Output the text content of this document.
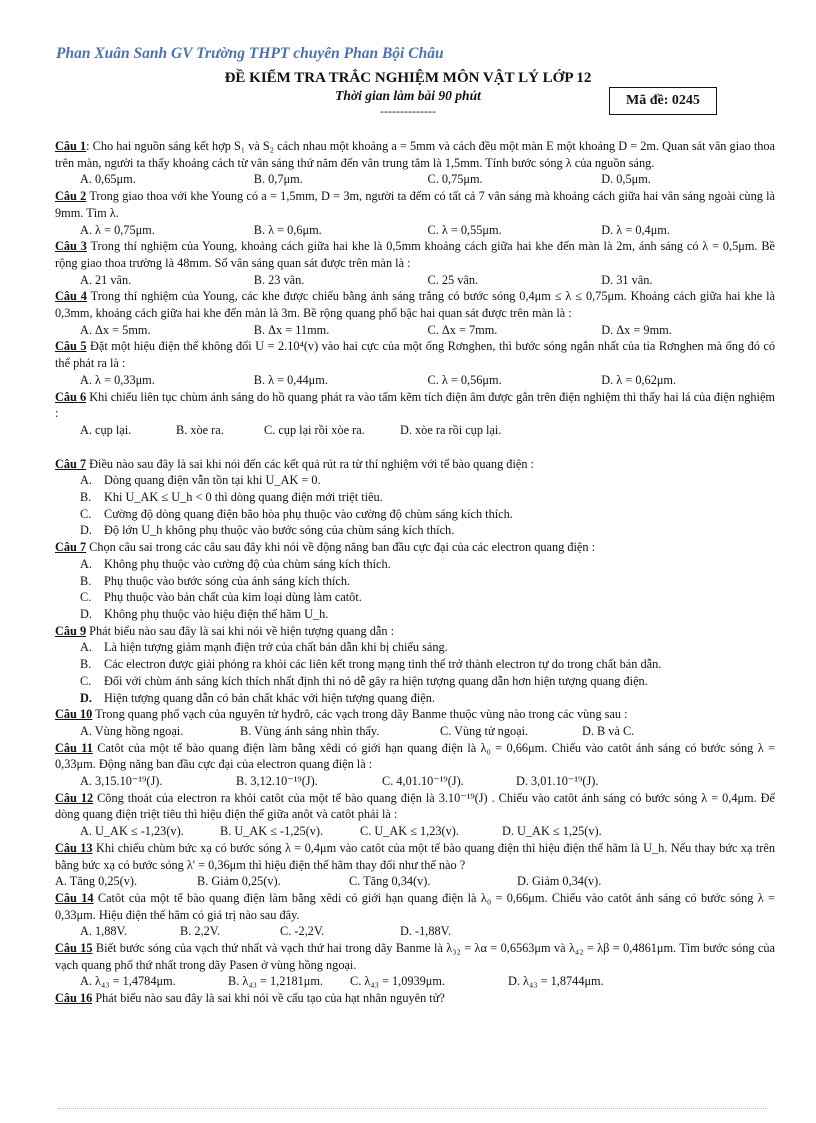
Phan Xuân Sanh GV Trường THPT chuyên Phan Bội Châu
ĐỀ KIỂM TRA TRẮC NGHIỆM MÔN VẬT LÝ LỚP 12
Thời gian làm bài 90 phút
--------------
Mã đề: 0245

Câu 1: Cho hai nguồn sáng kết hợp S₁ và S₂ cách nhau một khoảng a = 5mm và cách đều một màn E một khoảng D = 2m. Quan sát vân giao thoa trên màn, người ta thấy khoảng cách từ vân sáng thứ năm đến vân trung tâm là 1,5mm. Tính bước sóng λ của nguồn sáng.

A. 0,65μm.	B. 0,7μm.	C. 0,75μm.	D. 0,5μm.

Câu 2 Trong giao thoa với khe Young có a = 1,5mm, D = 3m, người ta đếm có tất cả 7 vân sáng mà khoảng cách giữa hai vân sáng ngoài cùng là 9mm. Tìm λ.

A. λ = 0,75μm.	B. λ = 0,6μm.	C. λ = 0,55μm.	D. λ = 0,4μm.

Câu 3 Trong thí nghiệm của Young, khoảng cách giữa hai khe là 0,5mm khoảng cách giữa hai khe đến màn là 2m, ánh sáng có λ = 0,5μm. Bề rộng giao thoa trường là 48mm. Số vân sáng quan sát được trên màn là :

A. 21 vân.	B. 23 vân.	C. 25 vân.	D. 31 vân.

Câu 4 Trong thí nghiệm của Young, các khe được chiếu bằng ánh sáng trắng có bước sóng 0,4μm ≤ λ ≤ 0,75μm. Khoảng cách giữa hai khe là 0,3mm, khoảng cách giữa hai khe đến màn là 3m. Bề rộng quang phổ bậc hai quan sát được trên màn là :

A. Δx = 5mm.	B. Δx = 11mm.	C. Δx = 7mm.	D. Δx = 9mm.

Câu 5 Đặt một hiệu điện thế không đổi U = 2.10⁴(v) vào hai cực của một ống Rơnghen, thì bước sóng ngắn nhất của tia Rơnghen mà ống đó có thể phát ra là :

A. λ = 0,33μm.	B. λ = 0,44μm.	C. λ = 0,56μm.	D. λ = 0,62μm.

Câu 6 Khi chiếu liên tục chùm ánh sáng do hồ quang phát ra vào tấm kẽm tích điện âm được gắn trên điện nghiệm thì thấy hai lá của điện nghiệm :

A. cụp lại.	B. xòe ra.	C. cụp lại rồi xòe ra.	D. xòe ra rồi cụp lại.

Câu 7 Điều nào sau đây là sai khi nói đến các kết quả rút ra từ thí nghiệm với tế bào quang điện :

A. Dòng quang điện vẫn tồn tại khi U_AK = 0.
B.	Khi U_AK ≤ U_h < 0 thì dòng quang điện mới triệt tiêu.
C.	Cường độ dòng quang điện bão hòa phụ thuộc vào cường độ chùm sáng kích thích.
D. Độ lớn U_h không phụ thuộc vào bước sóng của chùm sáng kích thích.

Câu 7 Chọn câu sai trong các câu sau đây khi nói về động năng ban đầu cực đại của các electron quang điện :

A. Không phụ thuộc vào cường độ của chùm sáng kích thích.
B.	Phụ thuộc vào bước sóng của ánh sáng kích thích.
C.	Phụ thuộc vào bản chất của kim loại dùng làm catôt.
D. Không phụ thuộc vào hiệu điện thế hãm U_h.

Câu 9 Phát biểu nào sau đây là sai khi nói về hiện tượng quang dẫn :

A. Là hiện tượng giảm mạnh điện trở của chất bán dẫn khi bị chiếu sáng.
B.	Các electron được giải phóng ra khỏi các liên kết trong mạng tinh thể trở thành electron tự do trong chất bán dẫn.
C.	Đối với chùm ánh sáng kích thích nhất định thì nó dễ gây ra hiện tượng quang dẫn hơn hiện tượng quang điện.
D. Hiện tượng quang dẫn có bản chất khác với hiện tượng quang điện.

Câu 10 Trong quang phổ vạch của nguyên tử hyđrô, các vạch trong dãy Banme thuộc vùng nào trong các vùng sau :

A. Vùng hồng ngoại.	B. Vùng ánh sáng nhìn thấy.	C. Vùng tử ngoại.	D. B và C.

Câu 11 Catôt của một tế bào quang điện làm bằng xêdi có giới hạn quang điện là λ₀ = 0,66μm. Chiếu vào catôt ánh sáng có bước sóng λ = 0,33μm. Động năng ban đầu cực đại của electron quang điện là :

A. 3,15.10⁻¹⁹(J).	B. 3,12.10⁻¹⁹(J).	C. 4,01.10⁻¹⁹(J).	D. 3,01.10⁻¹⁹(J).

Câu 12 Công thoát của electron ra khỏi catôt của một tế bào quang điện là 3.10⁻¹⁹(J) . Chiếu vào catôt ánh sáng có bước sóng λ = 0,4μm. Để dòng quang điện triệt tiêu thì hiệu điện thế giữa anôt và catôt phải là :

A. U_AK ≤ -1,23(v).	B. U_AK ≤ -1,25(v).	C. U_AK ≤ 1,23(v).	D. U_AK ≤ 1,25(v).

Câu 13 Khi chiếu chùm bức xạ có bước sóng λ = 0,4μm vào catôt của một tế bào quang điện thì hiệu điện thế hãm là U_h. Nếu thay bức xạ trên bằng bức xạ có bước sóng λ' = 0,36μm thì hiệu điện thế hãm thay đổi như thế nào ?

A. Tăng 0,25(v).	B. Giảm 0,25(v).	C. Tăng 0,34(v).	D. Giảm 0,34(v).

Câu 14 Catôt của một tế bào quang điện làm bằng xêdi có giới hạn quang điện là λ₀ = 0,66μm. Chiếu vào catôt ánh sáng có bước sóng λ = 0,33μm. Hiệu điện thế hãm có giá trị nào sau đây.

A. 1,88V.	B. 2,2V.	C. -2,2V.	D. -1,88V.

Câu 15 Biết bước sóng của vạch thứ nhất và vạch thứ hai trong dãy Banme là λ₃₂ = λα = 0,6563μm và λ₄₂ = λβ = 0,4861μm. Tìm bước sóng của vạch quang phổ thứ nhất trong dãy Pasen ở vùng hồng ngoại.

A. λ₄₃ = 1,4784μm.	B. λ₄₃ = 1,2181μm.	C. λ₄₃ = 1,0939μm.	D. λ₄₃ = 1,8744μm.

Câu 16 Phát biểu nào sau đây là sai khi nói về cấu tạo của hạt nhân nguyên tử?
